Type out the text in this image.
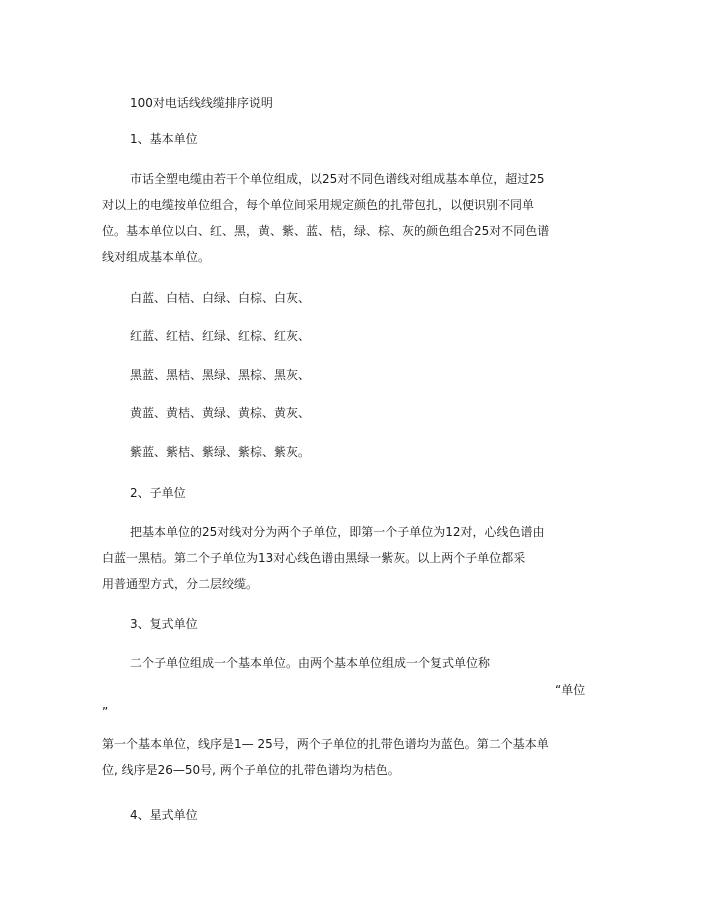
100对电话线线缆排序说明
1、基本单位
市话全塑电缆由若干个单位组成，以25对不同色谱线对组成基本单位，超过25
对以上的电缆按单位组合，每个单位间采用规定颜色的扎带包扎，以便识别不同单
位。基本单位以白、红、黑，黄、紫、蓝、桔，绿、棕、灰的颜色组合25对不同色谱
线对组成基本单位。
白蓝、白桔、白绿、白棕、白灰、
红蓝、红桔、红绿、红棕、红灰、
黑蓝、黑桔、黑绿、黑棕、黑灰、
黄蓝、黄桔、黄绿、黄棕、黄灰、
紫蓝、紫桔、紫绿、紫棕、紫灰。
2、子单位
把基本单位的25对线对分为两个子单位，即第一个子单位为12对，心线色谱由
白蓝一黑桔。第二个子单位为13对心线色谱由黑绿一紫灰。以上两个子单位都采
用普通型方式，分二层绞缆。
3、复式单位
二个子单位组成一个基本单位。由两个基本单位组成一个复式单位称
“单位
”
第一个基本单位，线序是1— 25号，两个子单位的扎带色谱均为蓝色。第二个基本单
位, 线序是26—50号, 两个子单位的扎带色谱均为桔色。
4、星式单位
